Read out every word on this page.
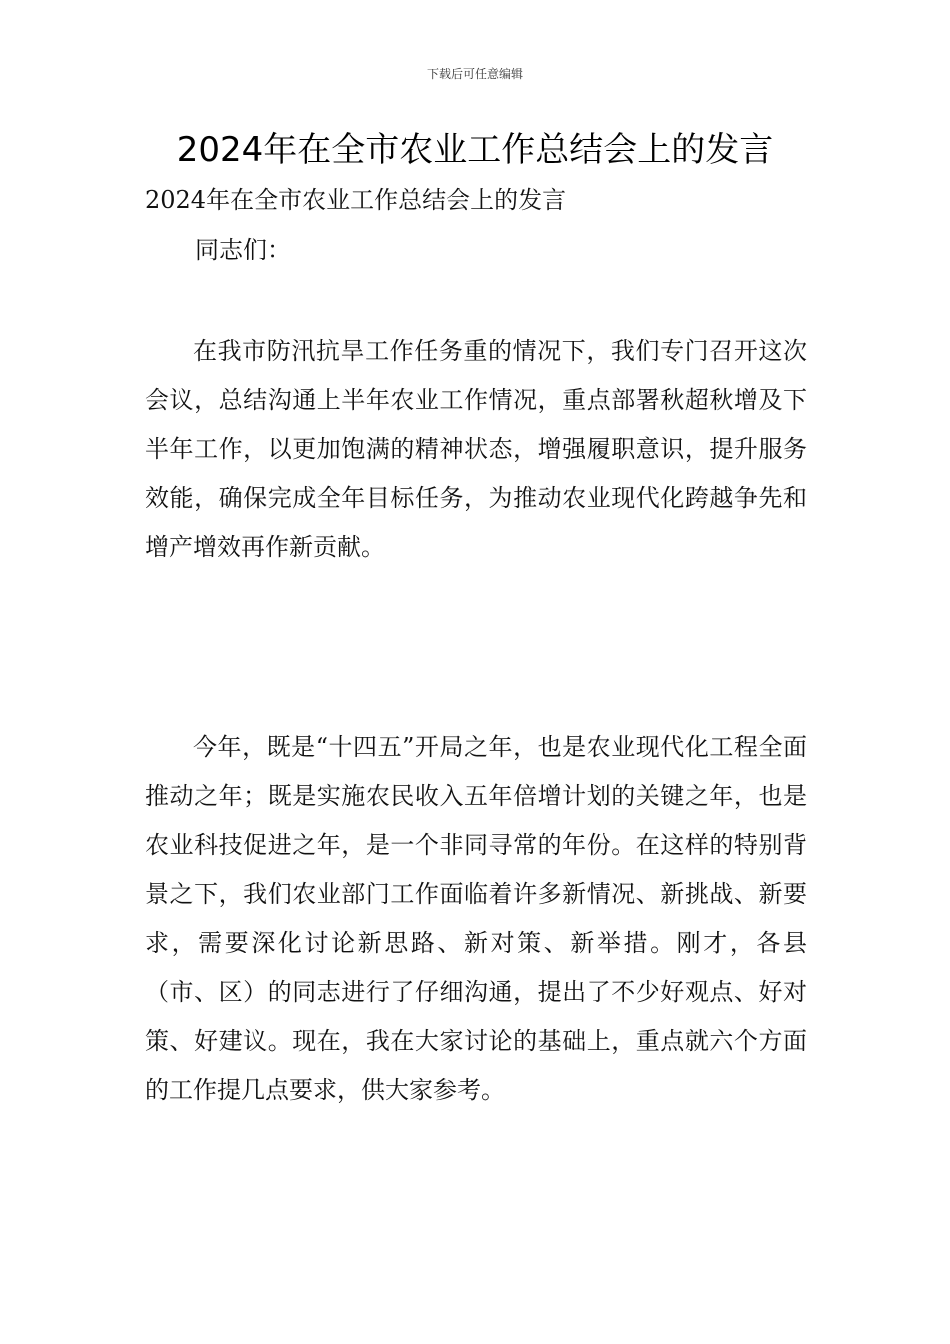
下载后可任意编辑
2024年在全市农业工作总结会上的发言

2024年在全市农业工作总结会上的发言

同志们：

在我市防汛抗旱工作任务重的情况下，我们专门召开这次会议，总结沟通上半年农业工作情况，重点部署秋超秋增及下半年工作，以更加饱满的精神状态，增强履职意识，提升服务效能，确保完成全年目标任务，为推动农业现代化跨越争先和增产增效再作新贡献。

今年，既是“十四五”开局之年，也是农业现代化工程全面推动之年；既是实施农民收入五年倍增计划的关键之年，也是农业科技促进之年，是一个非同寻常的年份。在这样的特别背景之下，我们农业部门工作面临着许多新情况、新挑战、新要求，需要深化讨论新思路、新对策、新举措。刚才，各县（市、区）的同志进行了仔细沟通，提出了不少好观点、好对策、好建议。现在，我在大家讨论的基础上，重点就六个方面的工作提几点要求，供大家参考。
